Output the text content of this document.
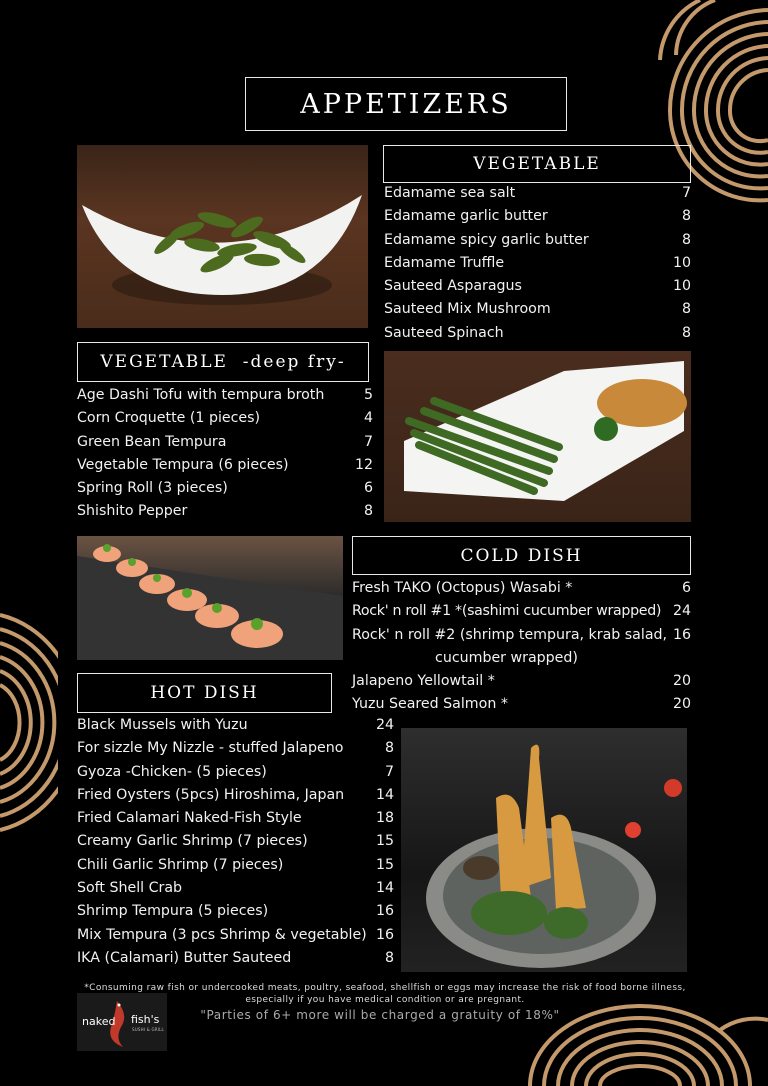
APPETIZERS
VEGETABLE
Edamame sea salt	7
Edamame garlic butter	8
Edamame spicy garlic butter	8
Edamame Truffle	10
Sauteed Asparagus	10
Sauteed Mix Mushroom	8
Sauteed Spinach	8
VEGETABLE  -deep fry-
Age Dashi Tofu with tempura broth	5
Corn Croquette (1 pieces)	4
Green Bean Tempura	7
Vegetable Tempura (6 pieces)	12
Spring Roll (3 pieces)	6
Shishito Pepper	8
COLD DISH
Fresh TAKO (Octopus) Wasabi *	6
Rock' n roll #1 *(sashimi cucumber wrapped) 24
Rock' n roll #2 (shrimp tempura, krab salad, 16
cucumber wrapped)
Jalapeno Yellowtail *	20
Yuzu Seared Salmon *	20
HOT DISH
Black Mussels with Yuzu	24
For sizzle My Nizzle - stuffed Jalapeno	8
Gyoza -Chicken- (5 pieces)	7
Fried Oysters (5pcs) Hiroshima, Japan 14
Fried Calamari Naked-Fish Style	18
Creamy Garlic Shrimp (7 pieces)	15
Chili Garlic Shrimp (7 pieces)	15
Soft Shell Crab	14
Shrimp Tempura (5 pieces)	16
Mix Tempura (3 pcs Shrimp & vegetable) 16
IKA (Calamari) Butter Sauteed	8
*Consuming raw fish or undercooked meats, poultry, seafood, shellfish or eggs may increase the risk of food borne illness, especially if you have medical condition or are pregnant.
"Parties of 6+ more will be charged a gratuity of 18%"
naked fish's
SUSHI & GRILL
